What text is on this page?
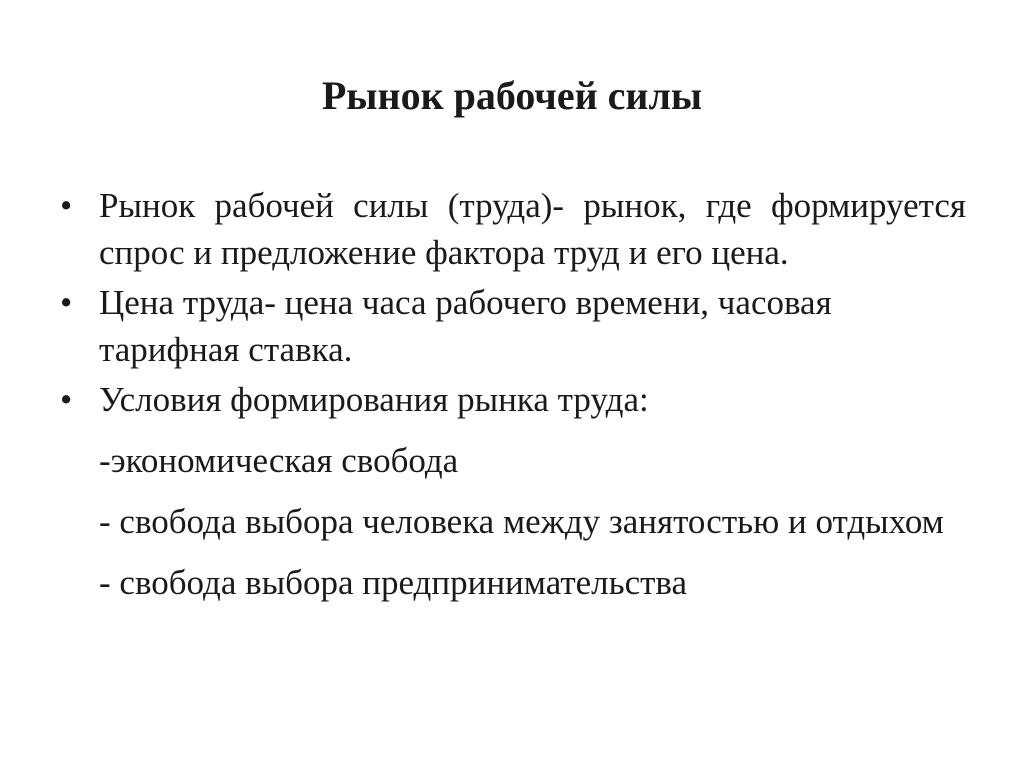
Рынок рабочей силы
• Рынок рабочей силы (труда)- рынок, где формируется спрос и предложение фактора труд и его цена.
• Цена труда- цена часа рабочего времени, часовая тарифная ставка.
• Условия формирования рынка труда:
-экономическая свобода
- свобода выбора человека между занятостью и отдыхом
- свобода выбора предпринимательства
